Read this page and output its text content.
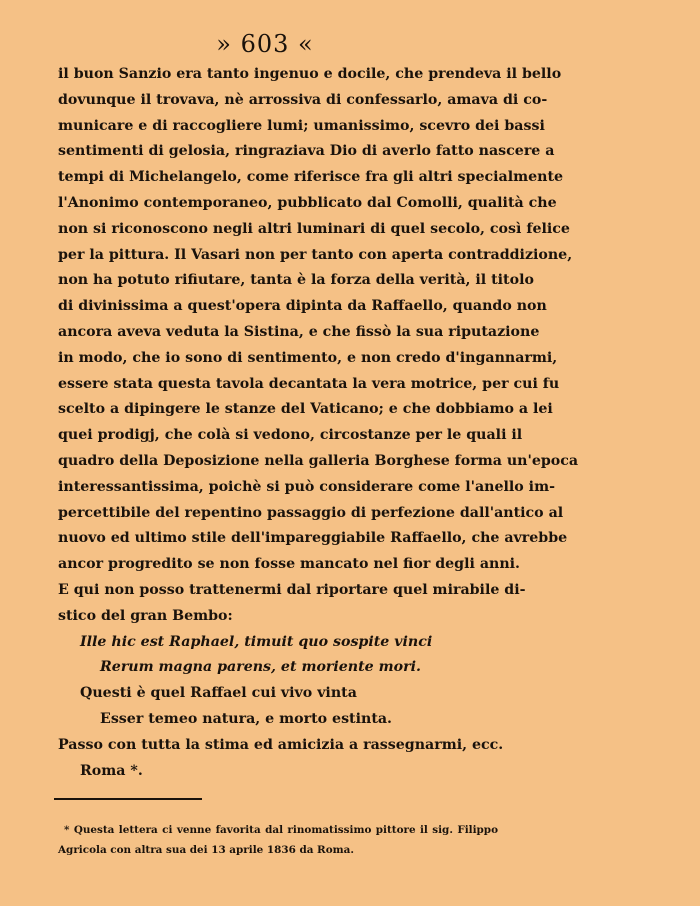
» 603 «
il buon Sanzio era tanto ingenuo e docile, che prendeva il bello
dovunque il trovava, nè arrossiva di confessarlo, amava di co-
municare e di raccogliere lumi; umanissimo, scevro dei bassi
sentimenti di gelosia, ringraziava Dio di averlo fatto nascere a
tempi di Michelangelo, come riferisce fra gli altri specialmente
l'Anonimo contemporaneo, pubblicato dal Comolli, qualità che
non si riconoscono negli altri luminari di quel secolo, così felice
per la pittura. Il Vasari non per tanto con aperta contraddizione,
non ha potuto rifiutare, tanta è la forza della verità, il titolo
di divinissima a quest'opera dipinta da Raffaello, quando non
ancora aveva veduta la Sistina, e che fissò la sua riputazione
in modo, che io sono di sentimento, e non credo d'ingannarmi,
essere stata questa tavola decantata la vera motrice, per cui fu
scelto a dipingere le stanze del Vaticano; e che dobbiamo a lei
quei prodigj, che colà si vedono, circostanze per le quali il
quadro della Deposizione nella galleria Borghese forma un'epoca
interessantissima, poichè si può considerare come l'anello im-
percettibile del repentino passaggio di perfezione dall'antico al
nuovo ed ultimo stile dell'impareggiabile Raffaello, che avrebbe
ancor progredito se non fosse mancato nel fior degli anni.
E qui non posso trattenermi dal riportare quel mirabile di-
stico del gran Bembo:
Ille hic est Raphael, timuit quo sospite vinci
Rerum magna parens, et moriente mori.
Questi è quel Raffael cui vivo vinta
Esser temeo natura, e morto estinta.
Passo con tutta la stima ed amicizia a rassegnarmi, ecc.
Roma *.
* Questa lettera ci venne favorita dal rinomatissimo pittore il sig. Filippo
Agricola con altra sua dei 13 aprile 1836 da Roma.
